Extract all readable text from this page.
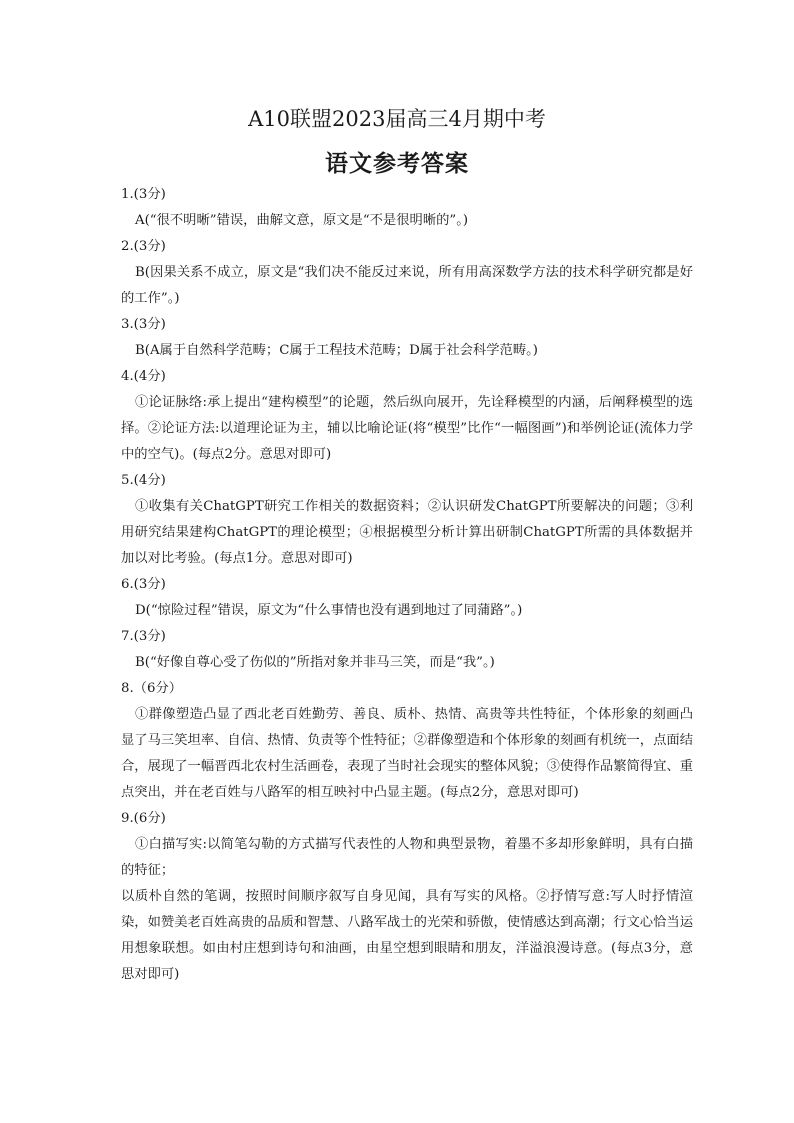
A10联盟2023届高三4月期中考
语文参考答案

1.(3分)

A(“很不明晰”错误，曲解文意，原文是“不是很明晰的”。)

2.(3分)

B(因果关系不成立，原文是“我们决不能反过来说，所有用高深数学方法的技术科学研究都是好的工作”。)

3.(3分)

B(A属于自然科学范畴；C属于工程技术范畴；D属于社会科学范畴。)

4.(4分)

①论证脉络:承上提出“建构模型”的论题，然后纵向展开，先诠释模型的内涵，后阐释模型的选择。②论证方法:以道理论证为主，辅以比喻论证(将“模型”比作“一幅图画”)和举例论证(流体力学中的空气)。(每点2分。意思对即可)

5.(4分)

①收集有关ChatGPT研究工作相关的数据资料；②认识研发ChatGPT所要解决的问题；③利用研究结果建构ChatGPT的理论模型；④根据模型分析计算出研制ChatGPT所需的具体数据并加以对比考验。(每点1分。意思对即可)

6.(3分)

D(“惊险过程”错误，原文为“什么事情也没有遇到地过了同蒲路”。)

7.(3分)

B(“好像自尊心受了伤似的”所指对象并非马三笑，而是“我”。)

8.（6分）

①群像塑造凸显了西北老百姓勤劳、善良、质朴、热情、高贵等共性特征，个体形象的刻画凸显了马三笑坦率、自信、热情、负责等个性特征；②群像塑造和个体形象的刻画有机统一，点面结合，展现了一幅晋西北农村生活画卷，表现了当时社会现实的整体风貌；③使得作品繁简得宜、重点突出，并在老百姓与八路军的相互映衬中凸显主题。(每点2分，意思对即可)

9.(6分)

①白描写实:以简笔勾勒的方式描写代表性的人物和典型景物，着墨不多却形象鲜明，具有白描的特征；

以质朴自然的笔调，按照时间顺序叙写自身见闻，具有写实的风格。②抒情写意:写人时抒情渲染，如赞美老百姓高贵的品质和智慧、八路军战士的光荣和骄傲，使情感达到高潮；行文心恰当运用想象联想。如由村庄想到诗句和油画，由星空想到眼睛和朋友，洋溢浪漫诗意。(每点3分，意思对即可)
